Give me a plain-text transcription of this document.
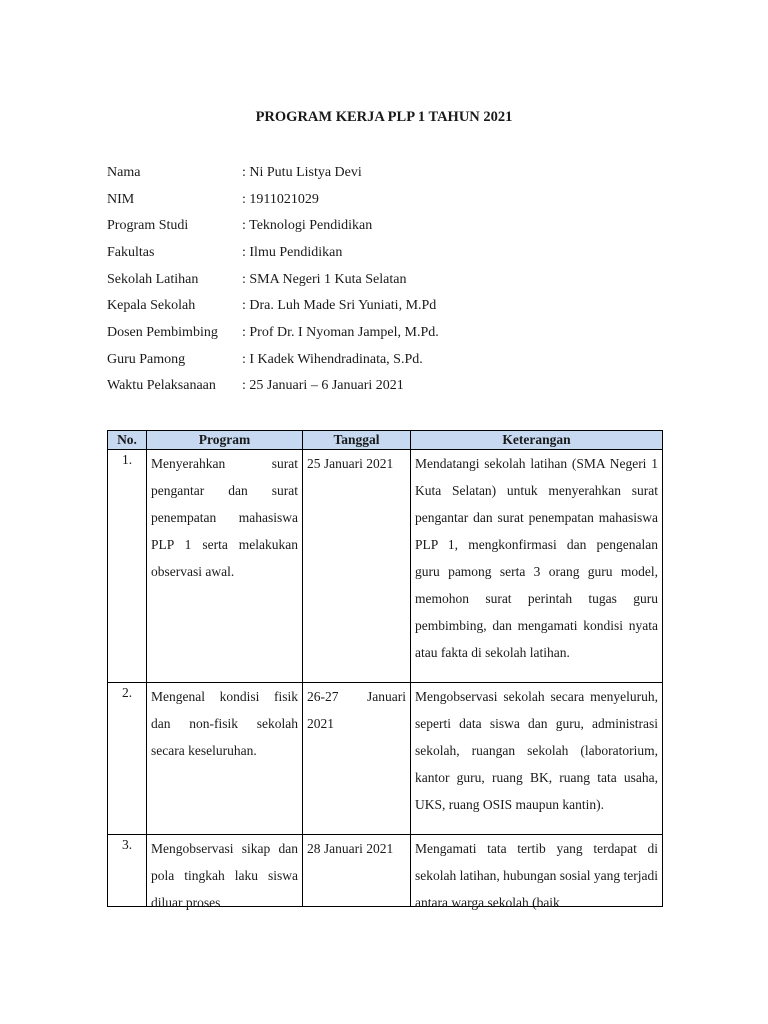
PROGRAM KERJA PLP 1 TAHUN 2021
Nama	: Ni Putu Listya Devi
NIM	: 1911021029
Program Studi	: Teknologi Pendidikan
Fakultas	: Ilmu Pendidikan
Sekolah Latihan	: SMA Negeri 1 Kuta Selatan
Kepala Sekolah	: Dra. Luh Made Sri Yuniati, M.Pd
Dosen Pembimbing : Prof Dr. I Nyoman Jampel, M.Pd.
Guru Pamong	: I Kadek Wihendradinata, S.Pd.
Waktu Pelaksanaan : 25 Januari – 6 Januari 2021
No.	Program	Tanggal	Keterangan
1.	Menyerahkan surat pengantar dan surat penempatan mahasiswa PLP 1 serta melakukan observasi awal.	25 Januari 2021	Mendatangi sekolah latihan (SMA Negeri 1 Kuta Selatan) untuk menyerahkan surat pengantar dan surat penempatan mahasiswa PLP 1, mengkonfirmasi dan pengenalan guru pamong serta 3 orang guru model, memohon surat perintah tugas guru pembimbing, dan mengamati kondisi nyata atau fakta di sekolah latihan.

2.	Mengenal kondisi fisik dan non-fisik sekolah secara keseluruhan.	26-27 Januari 2021	Mengobservasi sekolah secara menyeluruh, seperti data siswa dan guru, administrasi sekolah, ruangan sekolah (laboratorium, kantor guru, ruang BK, ruang tata usaha, UKS, ruang OSIS maupun kantin).

3.	Mengobservasi sikap dan pola tingkah laku siswa diluar proses	28 Januari 2021	Mengamati tata tertib yang terdapat di sekolah latihan, hubungan sosial yang terjadi antara warga sekolah (baik
